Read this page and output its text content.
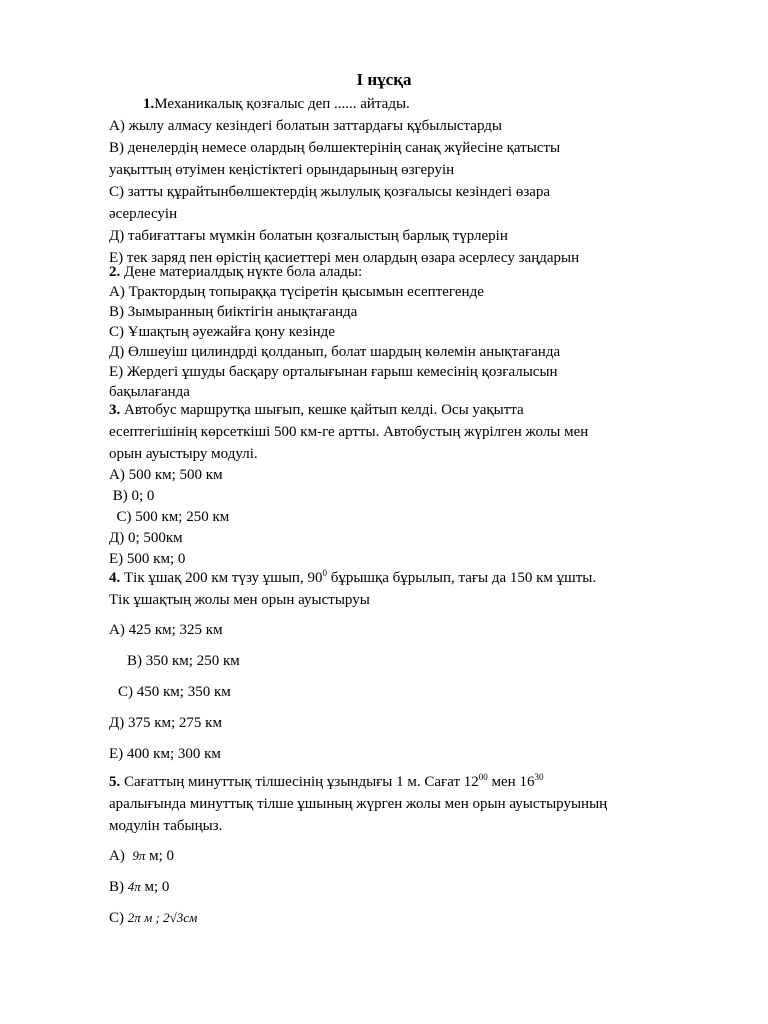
I нұсқа
1.Механикалық қозғалыс деп ...... айтады.
А) жылу алмасу кезіндегі болатын заттардағы құбылыстарды
В) денелердің немесе олардың бөлшектерінің санақ жүйесіне қатысты
уақыттың өтуімен кеңістіктегі орындарының өзгеруін
С) затты құрайтынбөлшектердің жылулық қозғалысы кезіндегі өзара
әсерлесуін
Д) табиғаттағы мүмкін болатын қозғалыстың барлық түрлерін
Е) тек заряд пен өрістің қасиеттері мен олардың өзара әсерлесу заңдарын
2. Дене материалдық нүкте бола алады:
А) Трактордың топыраққа түсіретін қысымын есептегенде
В) Зымыранның биіктігін анықтағанда
С) Ұшақтың әуежайға қону кезінде
Д) Өлшеуіш цилиндрді қолданып, болат шардың көлемін анықтағанда
Е) Жердегі ұшуды басқару орталығынан ғарыш кемесінің қозғалысын
бақылағанда
3. Автобус маршрутқа шығып, кешке қайтып келді. Осы уақытта
есептегішінің көрсеткіші 500 км-ге артты. Автобустың жүрілген жолы мен
орын ауыстыру модулі.
А) 500 км; 500 км
В) 0; 0
С) 500 км; 250 км
Д) 0; 500км
Е) 500 км; 0
4. Тік ұшақ 200 км түзу ұшып, $90^0$ бұрышқа бұрылып, тағы да 150 км ұшты.
Тік ұшақтың жолы мен орын ауыстыруы
А) 425 км; 325 км
В) 350 км; 250 км
С) 450 км; 350 км
Д) 375 км; 275 км
Е) 400 км; 300 км
5. Сағаттың минуттық тілшесінің ұзындығы 1 м. Сағат $12^{00}$ мен $16^{30}$
аралығында минуттық тілше ұшының жүрген жолы мен орын ауыстыруының
модулін табыңыз.
А) 9π м; 0
В) 4π м; 0
С) 2π м ; 2√3см
